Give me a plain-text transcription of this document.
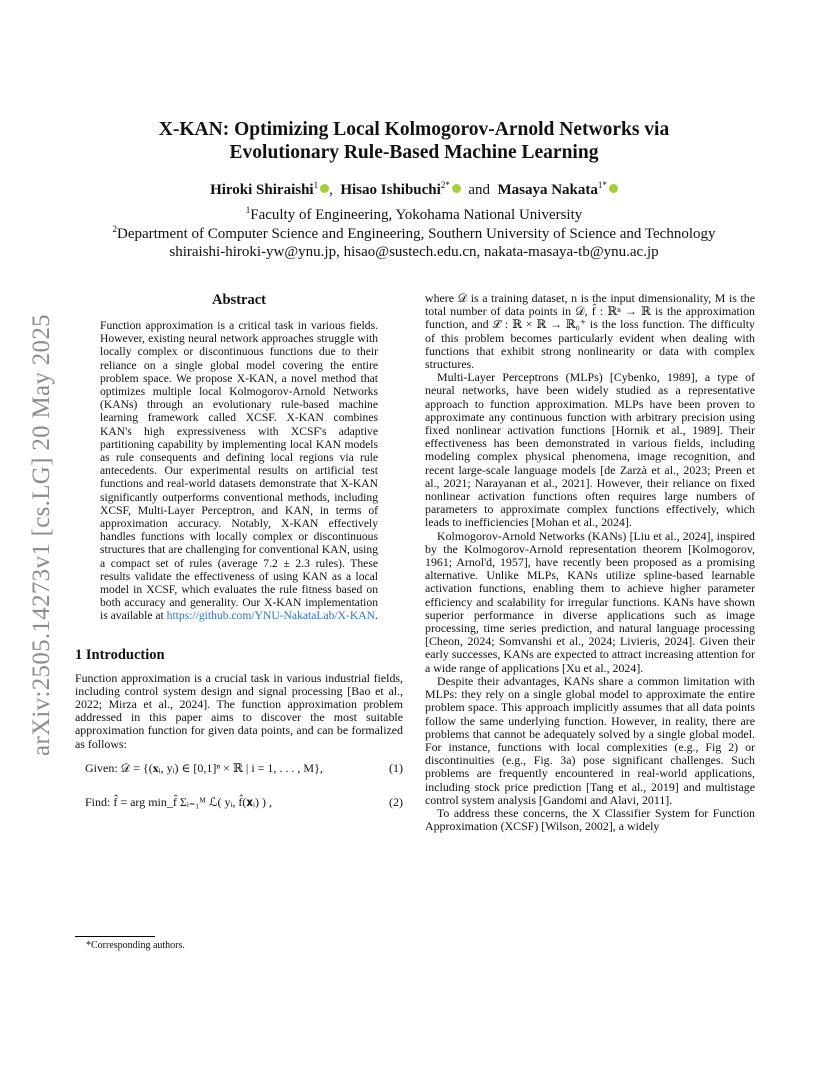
arXiv:2505.14273v1 [cs.LG] 20 May 2025
X-KAN: Optimizing Local Kolmogorov-Arnold Networks via
Evolutionary Rule-Based Machine Learning
Hiroki Shiraishi$^1$ , Hisao Ishibuchi$^{2*}$ and Masaya Nakata$^{1*}$
$^1$Faculty of Engineering, Yokohama National University
$^2$Department of Computer Science and Engineering, Southern University of Science and Technology
shiraishi-hiroki-yw@ynu.jp, hisao@sustech.edu.cn, nakata-masaya-tb@ynu.ac.jp
Abstract

Function approximation is a critical task in various fields. However, existing neural network approaches struggle with locally complex or discontinuous functions due to their reliance on a single global model covering the entire problem space. We propose X-KAN, a novel method that optimizes multiple local Kolmogorov-Arnold Networks (KANs) through an evolutionary rule-based machine learning framework called XCSF. X-KAN combines KAN's high expressiveness with XCSF's adaptive partitioning capability by implementing local KAN models as rule consequents and defining local regions via rule antecedents. Our experimental results on artificial test functions and real-world datasets demonstrate that X-KAN significantly outperforms conventional methods, including XCSF, Multi-Layer Perceptron, and KAN, in terms of approximation accuracy. Notably, X-KAN effectively handles functions with locally complex or discontinuous structures that are challenging for conventional KAN, using a compact set of rules (average 7.2 ± 2.3 rules). These results validate the effectiveness of using KAN as a local model in XCSF, which evaluates the rule fitness based on both accuracy and generality. Our X-KAN implementation is available at https://github.com/YNU-NakataLab/X-KAN.

1 Introduction

Function approximation is a crucial task in various industrial fields, including control system design and signal processing [Bao et al., 2022; Mirza et al., 2024]. The function approximation problem addressed in this paper aims to discover the most suitable approximation function for given data points, and can be formalized as follows:

Given: 𝒟 = {(𝐱ᵢ, yᵢ) ∈ [0,1]ⁿ × ℝ | i = 1, . . . , M},	(1)
Find: f̂ = arg min_f̂ Σᵢ₌₁ᴹ ℒ( yᵢ, f̂(𝐱ᵢ) ) ,	(2)
*Corresponding authors.

where 𝒟 is a training dataset, n is the input dimensionality, M is the total number of data points in 𝒟, f̂ : ℝⁿ → ℝ is the approximation function, and ℒ : ℝ × ℝ → ℝ₀⁺ is the loss function. The difficulty of this problem becomes particularly evident when dealing with functions that exhibit strong nonlinearity or data with complex structures.

Multi-Layer Perceptrons (MLPs) [Cybenko, 1989], a type of neural networks, have been widely studied as a representative approach to function approximation. MLPs have been proven to approximate any continuous function with arbitrary precision using fixed nonlinear activation functions [Hornik et al., 1989]. Their effectiveness has been demonstrated in various fields, including modeling complex physical phenomena, image recognition, and recent large-scale language models [de Zarzà et al., 2023; Preen et al., 2021; Narayanan et al., 2021]. However, their reliance on fixed nonlinear activation functions often requires large numbers of parameters to approximate complex functions effectively, which leads to inefficiencies [Mohan et al., 2024].

Kolmogorov-Arnold Networks (KANs) [Liu et al., 2024], inspired by the Kolmogorov-Arnold representation theorem [Kolmogorov, 1961; Arnol'd, 1957], have recently been proposed as a promising alternative. Unlike MLPs, KANs utilize spline-based learnable activation functions, enabling them to achieve higher parameter efficiency and scalability for irregular functions. KANs have shown superior performance in diverse applications such as image processing, time series prediction, and natural language processing [Cheon, 2024; Somvanshi et al., 2024; Livieris, 2024]. Given their early successes, KANs are expected to attract increasing attention for a wide range of applications [Xu et al., 2024].

Despite their advantages, KANs share a common limitation with MLPs: they rely on a single global model to approximate the entire problem space. This approach implicitly assumes that all data points follow the same underlying function. However, in reality, there are problems that cannot be adequately solved by a single global model. For instance, functions with local complexities (e.g., Fig 2) or discontinuities (e.g., Fig. 3a) pose significant challenges. Such problems are frequently encountered in real-world applications, including stock price prediction [Tang et al., 2019] and multistage control system analysis [Gandomi and Alavi, 2011].

To address these concerns, the X Classifier System for Function Approximation (XCSF) [Wilson, 2002], a widely
